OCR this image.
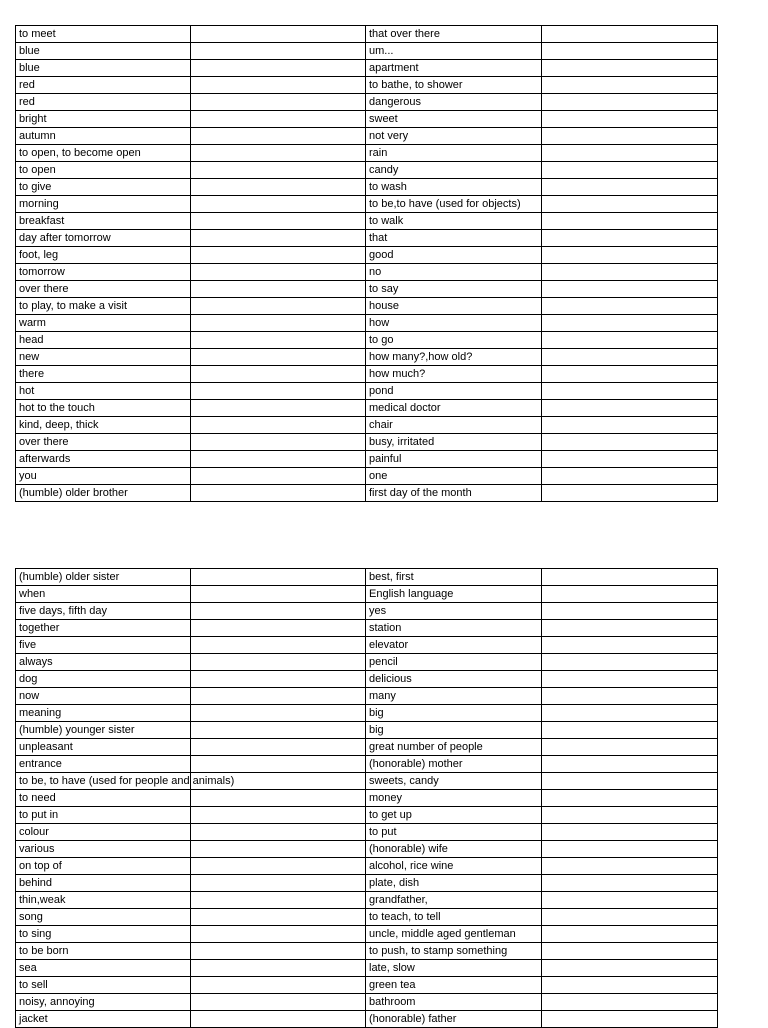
to meet		that over there	
blue		um...	
blue		apartment	
red		to bathe, to shower	
red		dangerous	
bright		sweet	
autumn		not very	
to open, to become open		rain	
to open		candy	
to give		to wash	
morning		to be,to have (used for objects)	
breakfast		to walk	
day after tomorrow		that	
foot, leg		good	
tomorrow		no	
over there		to say	
to play, to make a visit		house	
warm		how	
head		to go	
new		how many?,how old?	
there		how much?	
hot		pond	
hot to the touch		medical doctor	
kind, deep, thick		chair	
over there		busy, irritated	
afterwards		painful	
you		one	
(humble) older brother		first day of the month	
(humble) older sister		best, first	
when		English language	
five days, fifth day		yes	
together		station	
five		elevator	
always		pencil	
dog		delicious	
now		many	
meaning		big	
(humble) younger sister		big	
unpleasant		great number of people	
entrance		(honorable) mother	
to be, to have (used for people and animals)		sweets, candy	
to need		money	
to put in		to get up	
colour		to put	
various		(honorable) wife	
on top of		alcohol, rice wine	
behind		plate, dish	
thin,weak		grandfather,	
song		to teach, to tell	
to sing		uncle, middle aged gentleman	
to be born		to push, to stamp something	
sea		late, slow	
to sell		green tea	
noisy, annoying		bathroom	
jacket		(honorable) father	
